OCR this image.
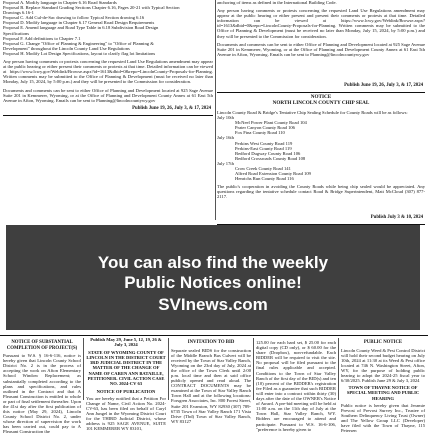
Proposal A. Modify language in Chapter 6.16 Road Standards
Proposal B. Replace Standard Grading Sections Chapter 6.16, Pages 20-21 with Typical Section
Drawings 6.16-1
Proposal C. Add Cul-de-Sac drawing to follow Typical Section drawing 6.16
Proposal D. Modify language in Chapter 6.17 General Road Design Requirements
Proposal E. Amend language and Road Type Table in 6.18 Subdivision Road Design
Specifications
Proposal F. Add definitions to Chapter 7.1
Proposal G. Change "Office of Planning & Engineering" to "Office of Planning &
Development" throughout the Lincoln County Land Use Regulations
Proposal H. Modify Lot Design Specifications, layout to clarify flag lot limitations

Any person having comments or protests concerning the requested Land Use Regulations amendment may appear at the public hearing or either present their comments or protests at that time. Detailed information can be viewed at https://www.lcwy.gov/Weblink/Browse.aspx?id=1613&dbid=0&repo=LincolnCounty-Proposals-for-Planning. Written comments may be submitted to the Office of Planning & Development (must be received no later than Monday, July 15, 2024, by 5:00 p.m.) and they will be presented to the Commission for consideration.

Documents and comments can be sent to either Office of Planning and Development located at 925 Sage Avenue Suite 201 in Kemmerer, Wyoming, or at the Office of Planning and Development County Annex at 61 East 5th Avenue in Afton, Wyoming. Emails can be sent to Planning@lincolncountywy.gov

Publish June 19, 26, July 3, & 17, 2024
anchoring of items as defined in the International Building Code.

Any person having comments or protests concerning the requested Land Use Regulations amendment may appear at the public hearing or either present and present their comments or protests at that time. Detailed information can be viewed at https://www.lcwy.gov/Weblink/Browse.aspx?id=1613&dbid=0&repo=LincolnCounty-Proposals-for-Planning. Written comments may be submitted to the Office of Planning & Development (must be received no later than Monday, July 15, 2024, by 5:00 p.m.) and they will be presented to the Commission for consideration.

Documents and comments can be sent to either Office of Planning and Development located at 925 Sage Avenue Suite 201 in Kemmerer, Wyoming, or at the Office of Planning and Development County Annex at 61 East 5th Avenue in Afton, Wyoming. Emails can be sent to Planning@lincolncountywy.gov

Publish June 19, 26, July 3, & 17, 2024
NOTICE
NORTH LINCOLN COUNTY CHIP SEAL

Lincoln County Road & Bridge's Tentative Chip Sealing Schedule for County Roads will be as follows:

July 10th
McNeel Power Plant County Road 104
Prater Canyon County Road 106
Fox Fina County Road 110
July 16th
Perkins West County Road 119
Perkins-East County Road 119
Bedford Dugway County Road 106
Bedford Crossroads County Road 108
July 17th
Crow Creek County Road 141
Alfred Road Extension County Road 109
Henrichs Run County Road 116

The public's cooperation in avoiding the County Roads while being chip sealed would be appreciated. Any questions regarding the tentative schedule contact Road & Bridge Superintendent, Matt McCloud (307) 877-2117.

Publish July 3 & 10, 2024
You can also find the weekly
Public Notices online!
SVInews.com
NOTICE OF SUBSTANTIAL COMPLETION OF PROJECT(S)

Pursuant to W.S. § 16-6-116, notice is hereby given that Lincoln County School District No. 2 is in the process of accepting the work on Afton Elementary School Window Replacement; as substantially completed according to the plans and specifications, and rules outlined in the Contract and that A Pleasant Construction is entitled to whole or part of final settlement thereafter. Upon the 41st day after the first publication of this notice (May 29, 2024), Lincoln County School District No. 2, under whose direction of supervision the work has been carried out, could pay to A Pleasant Construction the

Publish May 29, June 5, 12, 19, 26 & July 3, 2024
STATE OF WYOMING COUNTY OF LINCOLN IN THE DISTRICT COURT 3RD JUDICIAL DISTRICT IN THE MATTER OF THE CHANGE OF NAME OF CAREN ANN BATAILLE, PETITIONER. CIVIL ACTION CASE NO. 2024-CV 63
NOTICE OF PUBLICATION

You are hereby notified that a Petition For Change of Name, Civil Action No. 2024-CV-63, has been filed on behalf of Caryl Ann Jungel in the Wyoming District Court for the THIRD Judicial District, whose address is 925 SAGE AVENUE, SUITE 101 KEMMERER WY 83101,

INVITATION TO BID

Separate sealed BIDS for the construction of the Middle Branch Bus Culvert will be received by the Town of Star Valley Ranch, Wyoming on the 23rd day of July, 2024 at the office of the Town Clerk until 2:00 p.m. local time and then at said office publicly opened and read aloud. The CONTRACT DOCUMENTS may be examined at the Town of Star Valley Ranch Town Hall and at the following locations: Forsgren Associates, Inc. 800 Forest Street, Suite 201 Evanston, WY 82930 (307) 789-6735 Town of Star Valley Ranch 171 Vista Drive (Tbd) Town of Star Valley Ranch, WY 83127

125.00 for each hard set, $ 25.00 for each digital copy (CD only), or $ 60.00 for the share (Dropbox), non-refundable. Each BIDDER will be required to visit the site. No proposal will be filed pursuant to the final rules applicable and accepted. Conditions to the Town of Star Valley Ranch of the first day of the BID(s) and ten (10) percent of the BIDDER's registration fee Filed as a guarantee that such BIDDER will enter into a contract within thirty (30) days after the date of the OWNER's Notice of Award. A pre-bid meeting will be held at 11:00 a.m. on the 11th day of July at the Town Hall, Star Valley Ranch, WY. Bidders are encouraged to attend and participate. Pursuant to W.S. 16-6-106, "preference is hereby given to

PUBLIC NOTICE

Lincoln County Weed & Pest Control District will hold their second budget hearing on July 10th, 2024 at 11:30 at its Weed & Pest office located at 746 N. Washington Street, Afton, WY, for the purpose of holding public hearing to adopt the 2024-25 fiscal year to 6/30/2025. Publish June 29 & July 3, 2024

TOWN OF THAYNE NOTICE OF SPECIAL MEETING AND PUBLIC HEARING

Public notice is hereby given that Jeramie Prevost of Prevost Survey Inc., Trustee of Southern Delinquency Living Trust (Owner) and The Yellow Group LLC (Developer) have filed with the Town of Thayne, 115 Petersen
